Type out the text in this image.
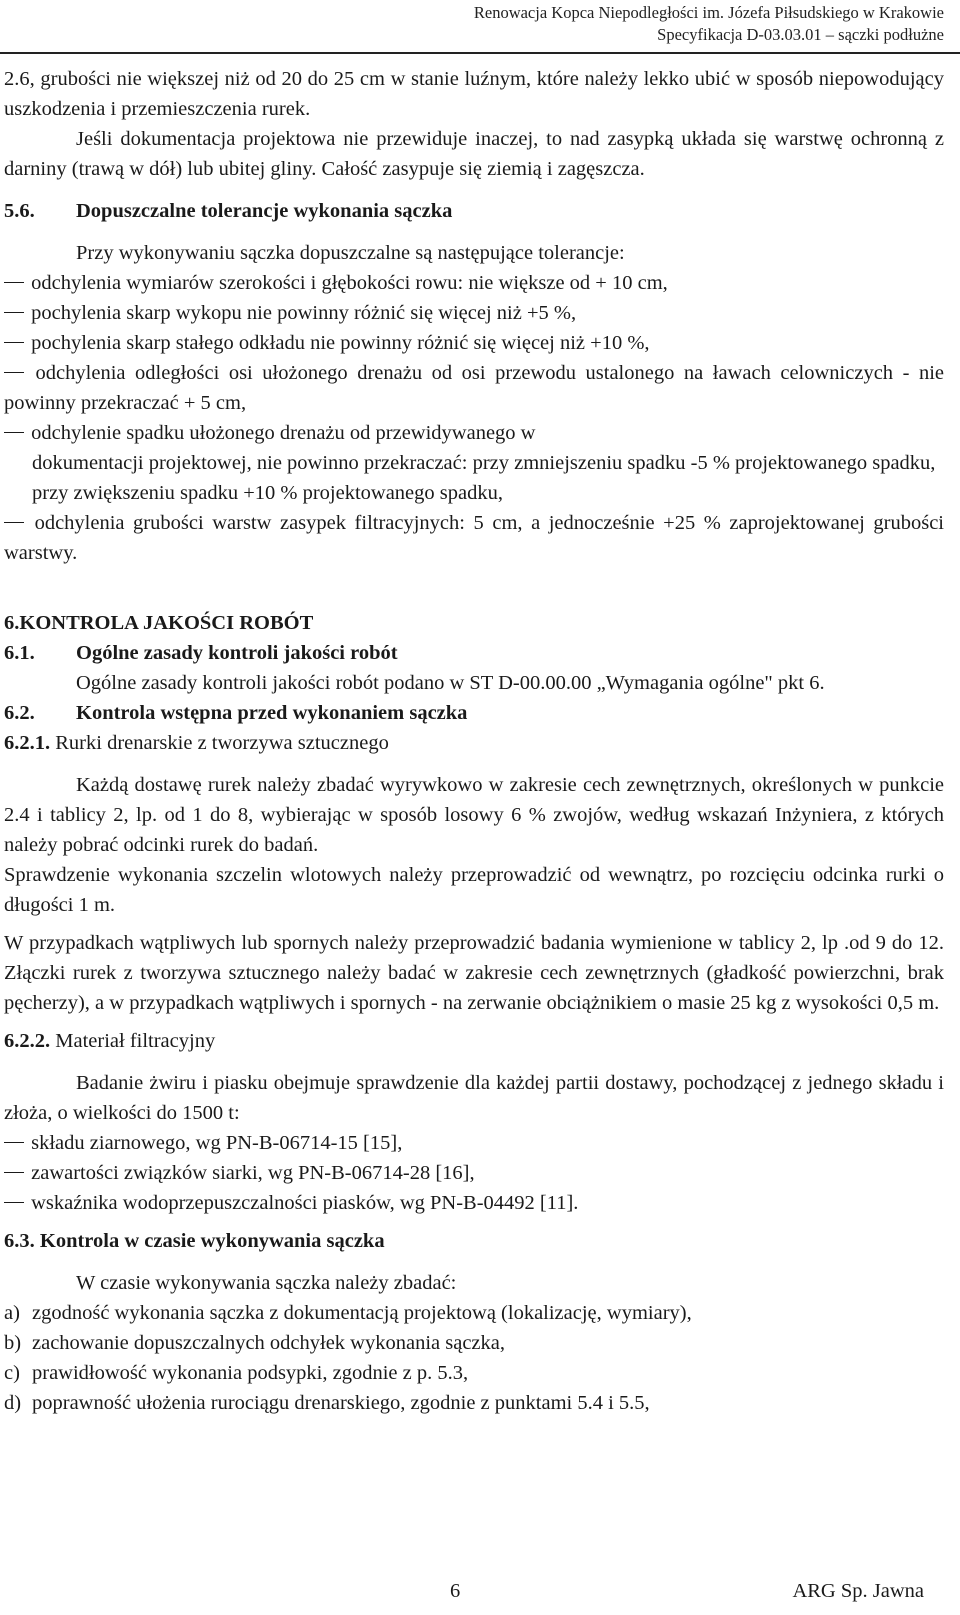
Renowacja Kopca Niepodległości im. Józefa Piłsudskiego w Krakowie
Specyfikacja D-03.03.01 – sączki podłużne

2.6, grubości nie większej niż od 20 do 25 cm w stanie luźnym, które należy lekko ubić w sposób niepowodujący uszkodzenia i przemieszczenia rurek.

Jeśli dokumentacja projektowa nie przewiduje inaczej, to nad zasypką układa się warstwę ochronną z darniny (trawą w dół) lub ubitej gliny. Całość zasypuje się ziemią i zagęszcza.

5.6. Dopuszczalne tolerancje wykonania sączka

Przy wykonywaniu sączka dopuszczalne są następujące tolerancje:

odchylenia wymiarów szerokości i głębokości rowu: nie większe od + 10 cm,

pochylenia skarp wykopu nie powinny różnić się więcej niż +5 %,

pochylenia skarp stałego odkładu nie powinny różnić się więcej niż +10 %,

odchylenia odległości osi ułożonego drenażu od osi przewodu ustalonego na ławach celowniczych - nie powinny przekraczać + 5 cm,

odchylenie spadku ułożonego drenażu od przewidywanego w

dokumentacji projektowej, nie powinno przekraczać: przy zmniejszeniu spadku -5 % projektowanego spadku,

przy zwiększeniu spadku +10 % projektowanego spadku,

odchylenia grubości warstw zasypek filtracyjnych: 5 cm, a jednocześnie +25 % zaprojektowanej grubości warstwy.

6.KONTROLA JAKOŚCI ROBÓT

6.1. Ogólne zasady kontroli jakości robót

Ogólne zasady kontroli jakości robót podano w ST D-00.00.00 „Wymagania ogólne" pkt 6.

6.2. Kontrola wstępna przed wykonaniem sączka

6.2.1. Rurki drenarskie z tworzywa sztucznego

Każdą dostawę rurek należy zbadać wyrywkowo w zakresie cech zewnętrznych, określonych w punkcie 2.4 i tablicy 2, lp. od 1 do 8, wybierając w sposób losowy 6 % zwojów, według wskazań Inżyniera, z których należy pobrać odcinki rurek do badań.

Sprawdzenie wykonania szczelin wlotowych należy przeprowadzić od wewnątrz, po rozcięciu odcinka rurki o długości 1 m.

W przypadkach wątpliwych lub spornych należy przeprowadzić badania wymienione w tablicy 2, lp .od 9 do 12. Złączki rurek z tworzywa sztucznego należy badać w zakresie cech zewnętrznych (gładkość powierzchni, brak pęcherzy), a w przypadkach wątpliwych i spornych - na zerwanie obciążnikiem o masie 25 kg z wysokości 0,5 m.

6.2.2. Materiał filtracyjny

Badanie żwiru i piasku obejmuje sprawdzenie dla każdej partii dostawy, pochodzącej z jednego składu i złoża, o wielkości do 1500 t:

składu ziarnowego, wg PN-B-06714-15 [15],

zawartości związków siarki, wg PN-B-06714-28 [16],

wskaźnika wodoprzepuszczalności piasków, wg PN-B-04492 [11].

6.3. Kontrola w czasie wykonywania sączka

W czasie wykonywania sączka należy zbadać:

a) zgodność wykonania sączka z dokumentacją projektową (lokalizację, wymiary),

b) zachowanie dopuszczalnych odchyłek wykonania sączka,

c) prawidłowość wykonania podsypki, zgodnie z p. 5.3,

d) poprawność ułożenia rurociągu drenarskiego, zgodnie z punktami 5.4 i 5.5,

6	ARG Sp. Jawna
